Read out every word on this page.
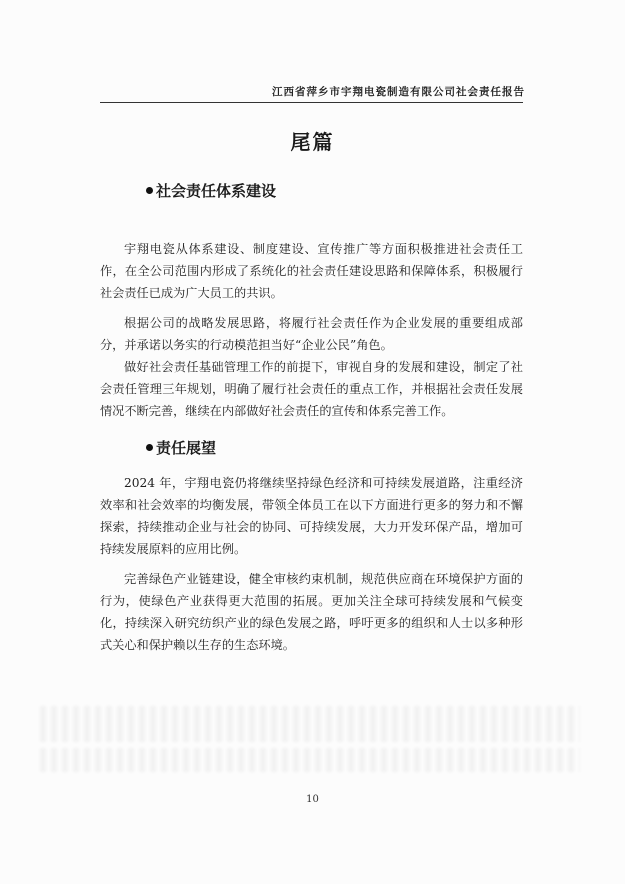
江西省萍乡市宇翔电瓷制造有限公司社会责任报告
尾篇
社会责任体系建设
宇翔电瓷从体系建设、制度建设、宣传推广等方面积极推进社会责任工作，在全公司范围内形成了系统化的社会责任建设思路和保障体系，积极履行社会责任已成为广大员工的共识。
根据公司的战略发展思路，将履行社会责任作为企业发展的重要组成部分，并承诺以务实的行动模范担当好“企业公民”角色。
做好社会责任基础管理工作的前提下，审视自身的发展和建设，制定了社会责任管理三年规划，明确了履行社会责任的重点工作，并根据社会责任发展情况不断完善，继续在内部做好社会责任的宣传和体系完善工作。
责任展望
2024 年，宇翔电瓷仍将继续坚持绿色经济和可持续发展道路，注重经济效率和社会效率的均衡发展，带领全体员工在以下方面进行更多的努力和不懈探索，持续推动企业与社会的协同、可持续发展，大力开发环保产品，增加可持续发展原料的应用比例。
完善绿色产业链建设，健全审核约束机制，规范供应商在环境保护方面的行为，使绿色产业获得更大范围的拓展。更加关注全球可持续发展和气候变化，持续深入研究纺织产业的绿色发展之路，呼吁更多的组织和人士以多种形式关心和保护赖以生存的生态环境。
10
